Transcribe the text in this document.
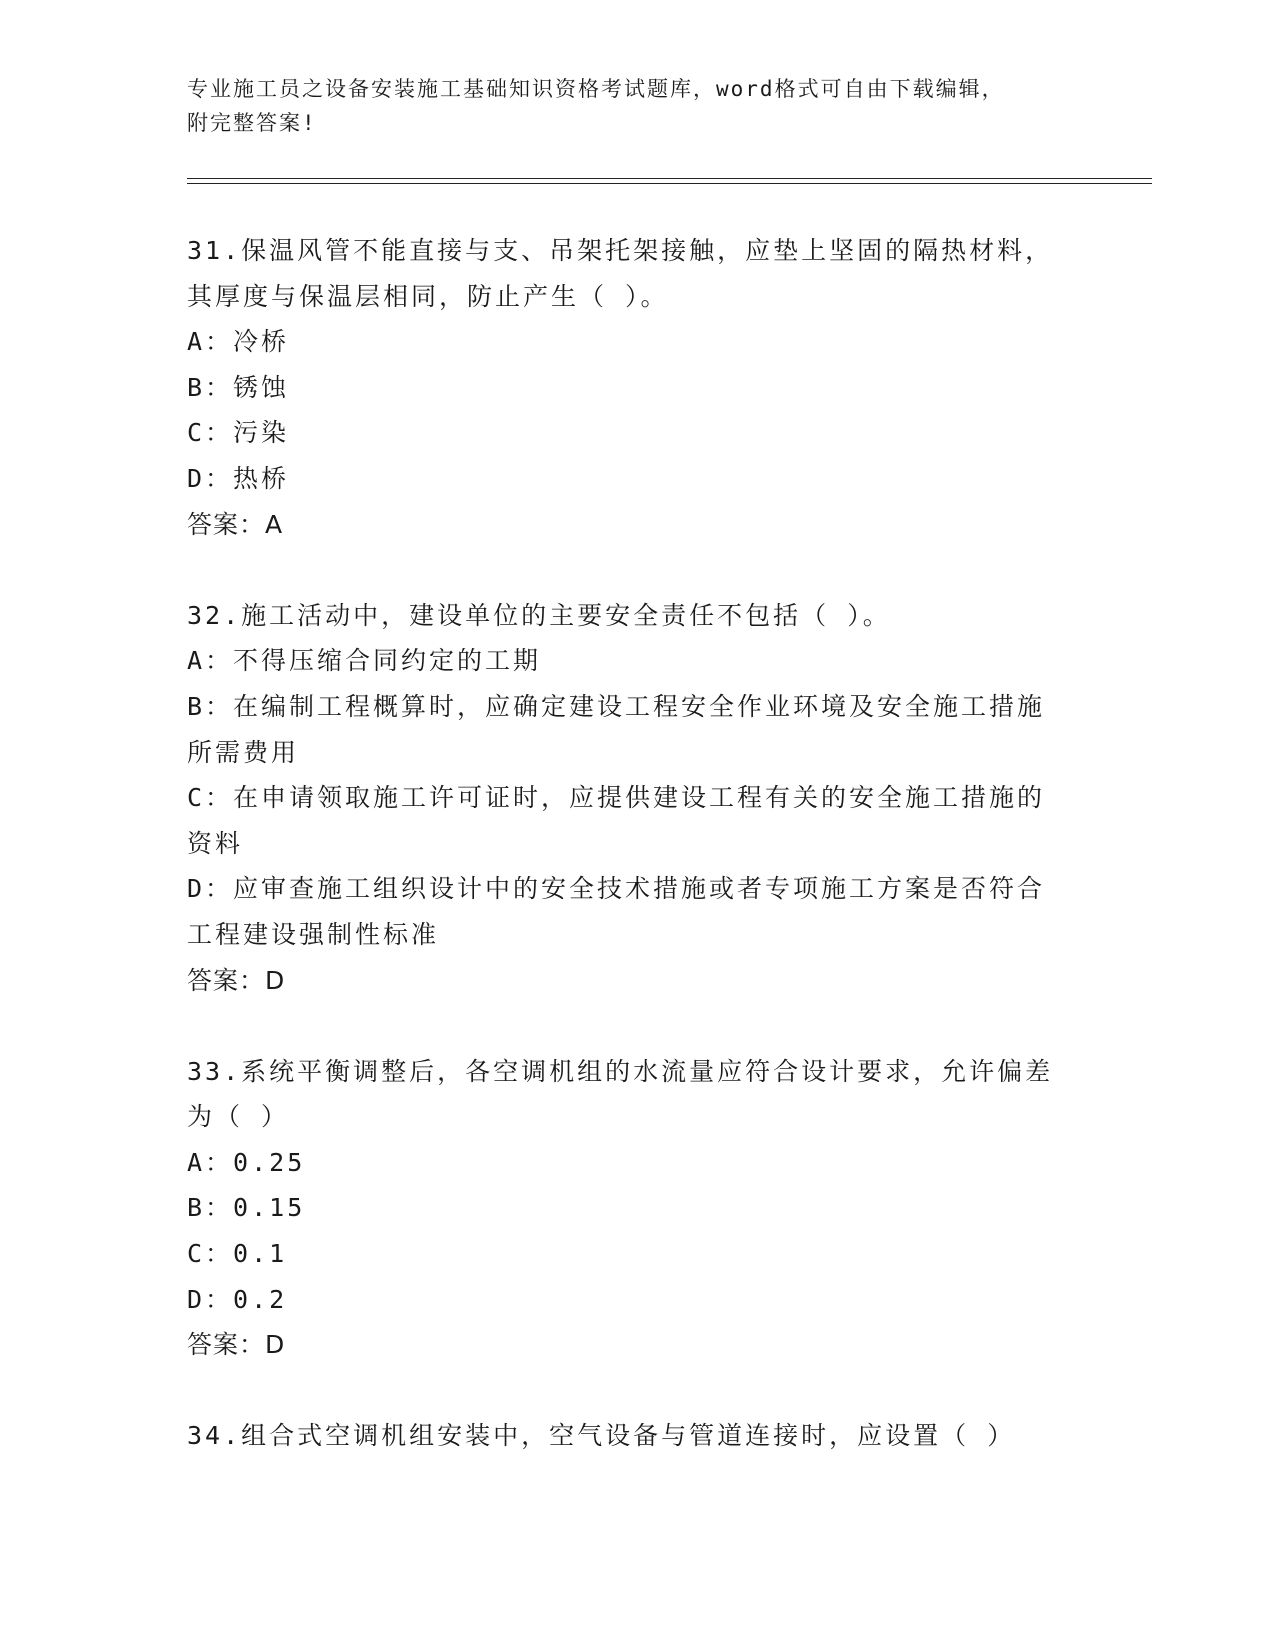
专业施工员之设备安装施工基础知识资格考试题库，word格式可自由下载编辑，
附完整答案!
31.保温风管不能直接与支、吊架托架接触，应垫上坚固的隔热材料，
其厚度与保温层相同，防止产生（ ）。
A：冷桥
B：锈蚀
C：污染
D：热桥
答案：A
32.施工活动中，建设单位的主要安全责任不包括（ ）。
A：不得压缩合同约定的工期
B：在编制工程概算时，应确定建设工程安全作业环境及安全施工措施
所需费用
C：在申请领取施工许可证时，应提供建设工程有关的安全施工措施的
资料
D：应审查施工组织设计中的安全技术措施或者专项施工方案是否符合
工程建设强制性标准
答案：D
33.系统平衡调整后，各空调机组的水流量应符合设计要求，允许偏差
为（ ）
A：0.25
B：0.15
C：0.1
D：0.2
答案：D
34.组合式空调机组安装中，空气设备与管道连接时，应设置（ ）
